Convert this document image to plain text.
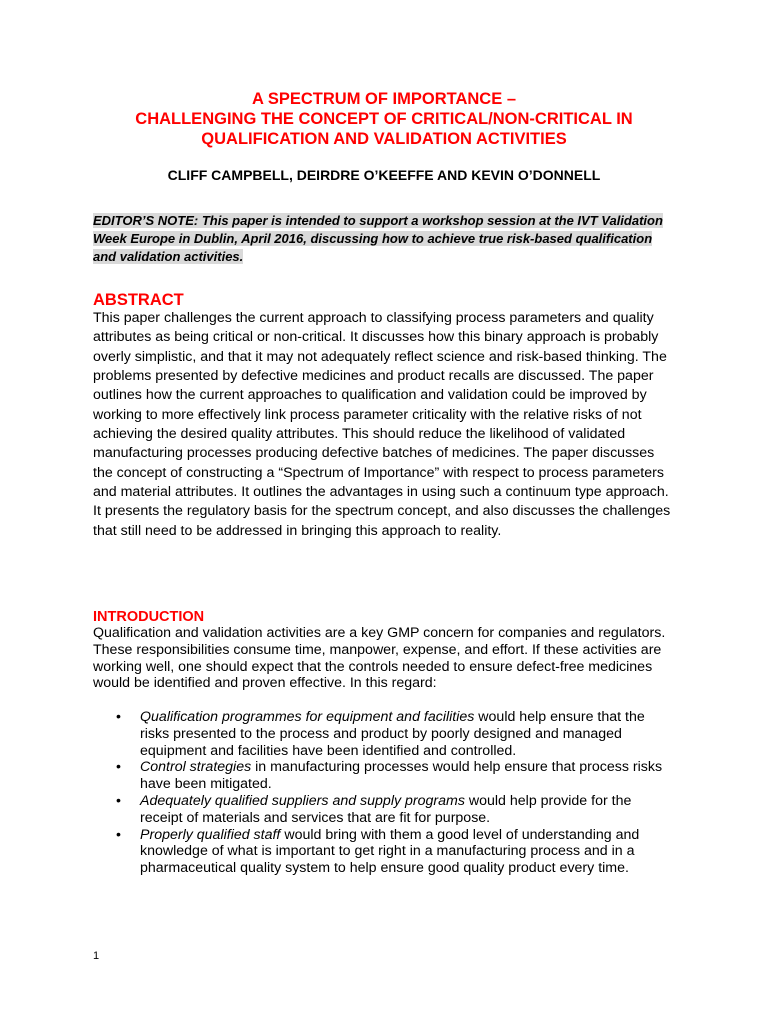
A SPECTRUM OF IMPORTANCE –
CHALLENGING THE CONCEPT OF CRITICAL/NON-CRITICAL IN
QUALIFICATION AND VALIDATION ACTIVITIES
CLIFF CAMPBELL, DEIRDRE O’KEEFFE AND KEVIN O’DONNELL
EDITOR’S NOTE: This paper is intended to support a workshop session at the IVT Validation Week Europe in Dublin, April 2016, discussing how to achieve true risk-based qualification and validation activities.
ABSTRACT
This paper challenges the current approach to classifying process parameters and quality attributes as being critical or non-critical. It discusses how this binary approach is probably overly simplistic, and that it may not adequately reflect science and risk-based thinking. The problems presented by defective medicines and product recalls are discussed. The paper outlines how the current approaches to qualification and validation could be improved by working to more effectively link process parameter criticality with the relative risks of not achieving the desired quality attributes. This should reduce the likelihood of validated manufacturing processes producing defective batches of medicines. The paper discusses the concept of constructing a “Spectrum of Importance” with respect to process parameters and material attributes. It outlines the advantages in using such a continuum type approach. It presents the regulatory basis for the spectrum concept, and also discusses the challenges that still need to be addressed in bringing this approach to reality.
INTRODUCTION
Qualification and validation activities are a key GMP concern for companies and regulators. These responsibilities consume time, manpower, expense, and effort. If these activities are working well, one should expect that the controls needed to ensure defect-free medicines would be identified and proven effective. In this regard:
• Qualification programmes for equipment and facilities would help ensure that the risks presented to the process and product by poorly designed and managed equipment and facilities have been identified and controlled.
• Control strategies in manufacturing processes would help ensure that process risks have been mitigated.
• Adequately qualified suppliers and supply programs would help provide for the receipt of materials and services that are fit for purpose.
• Properly qualified staff would bring with them a good level of understanding and knowledge of what is important to get right in a manufacturing process and in a pharmaceutical quality system to help ensure good quality product every time.
1
